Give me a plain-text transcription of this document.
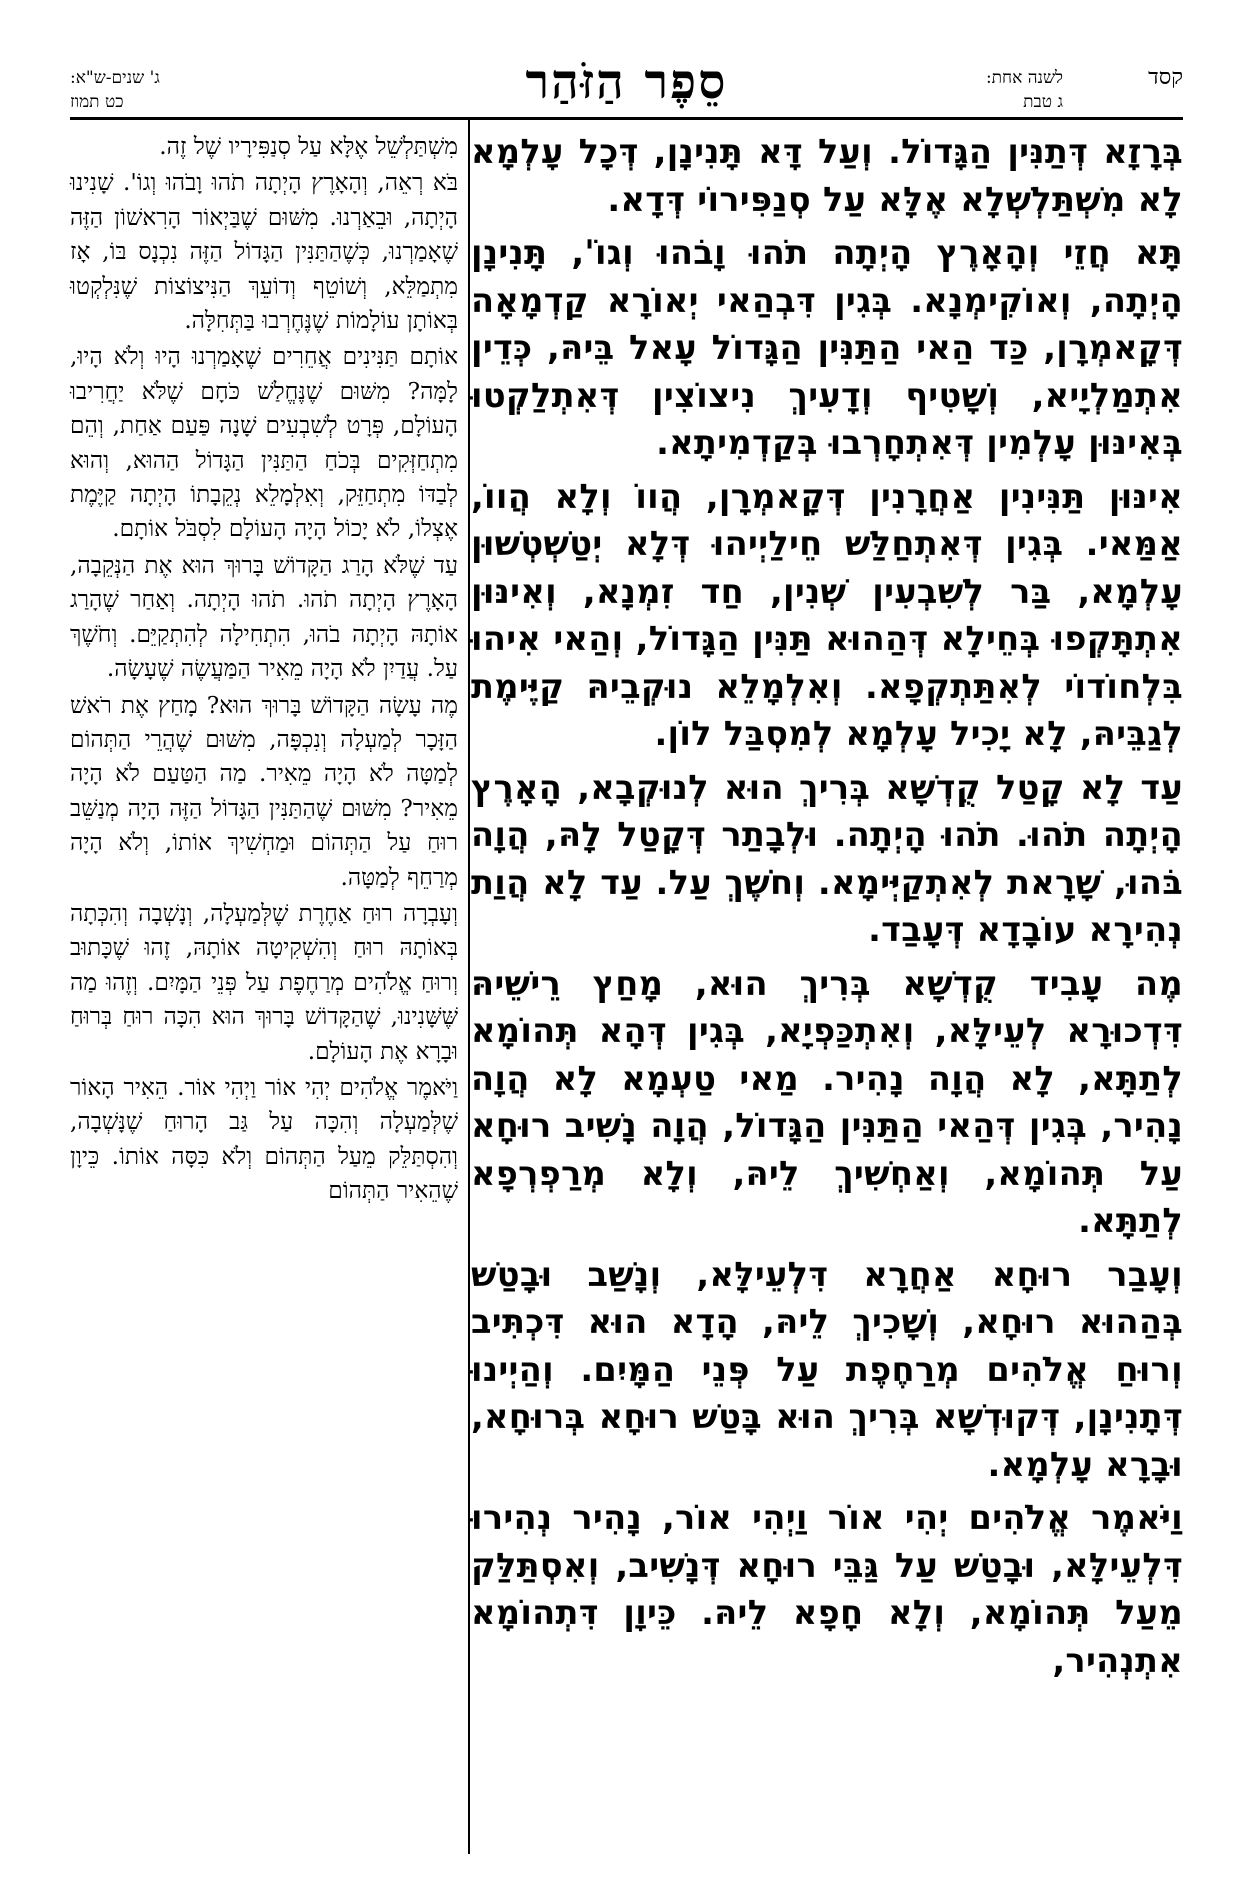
קסד
לשנה אחת:
ג טבת
סֵפֶר הַזֹּהַר
ג' שנים-ש"א:
כט תמוז

בְּרָזָא דְּתַנִּין הַגָּדוֹל. וְעַל דָּא תָּנִינָן, דְּכָל עָלְמָא לָא מִשְׁתַּלְשְׁלָא אֶלָּא עַל סְנַפִּירוֹי דְּדָא.

תָּא חֲזֵי וְהָאָרֶץ הָיְתָה תֹהוּ וָבֹהוּ וְגוֹ', תָּנִינָן הָיְתָה, וְאוֹקִימְנָא. בְּגִין דִּבְהַאי יְאוֹרָא קַדְמָאָה דְּקָאמְרָן, כַּד הַאי הַתַּנִּין הַגָּדוֹל עָאל בֵּיהּ, כְּדֵין אִתְמַלְיָיא, וְשָׁטִיף וְדָעִיךְ נִיצוֹצִין דְּאִתְלַקְטוּ בְּאִינּוּן עָלְמִין דְּאִתְחָרְבוּ בְּקַדְמִיתָא.

אִינּוּן תַּנִּינִין אַחֲרָנִין דְּקָאמְרָן, הֲווֹ וְלָא הֲווֹ, אַמַּאי. בְּגִין דְּאִתְחַלַּשׁ חֵילַיְיהוּ דְּלָא יְטַשְׁטְשׁוּן עָלְמָא, בַּר לְשִׁבְעִין שְׁנִין, חַד זִמְנָא, וְאִינּוּן אִתְתָּקְפוּ בְּחֵילָא דְּהַהוּא תַּנִּין הַגָּדוֹל, וְהַאי אִיהוּ בִּלְחוֹדוֹי לְאִתַּתְקְפָא. וְאִלְמָלֵא נוּקְבֵיהּ קַיֶּימֶת לְגַבֵּיהּ, לָא יָכִיל עָלְמָא לְמִסְבַּל לוֹן.

עַד לָא קָטַל קֻדְשָׁא בְּרִיךְ הוּא לְנוּקְבָא, הָאָרֶץ הָיְתָה תֹהוּ. תֹהוּ הָיְתָה. וּלְבָתַר דְּקָטַל לָהּ, הֲוָה בֹּהוּ, שָׁרָאת לְאִתְקַיְּימָא. וְחֹשֶׁךְ עַל. עַד לָא הֲוַת נְהִירָא עוֹבָדָא דְּעָבַד.

מֶה עָבִיד קֻדְשָׁא בְּרִיךְ הוּא, מָחַץ רֵישֵׁיהּ דִּדְכוּרָא לְעֵילָּא, וְאִתְכַּפְיָא, בְּגִין דְּהָא תְּהוֹמָא לְתַתָּא, לָא הֲוָה נָהִיר. מַאי טַעְמָא לָא הֲוָה נָהִיר, בְּגִין דְּהַאי הַתַּנִּין הַגָּדוֹל, הֲוָה נָשִׁיב רוּחָא עַל תְּהוֹמָא, וְאַחְשִׁיךְ לֵיהּ, וְלָא מְרַפְרְפָא לְתַתָּא.

וְעָבַר רוּחָא אַחֲרָא דִּלְעֵילָּא, וְנָשַׁב וּבָטַשׁ בְּהַהוּא רוּחָא, וְשָׁכִיךְ לֵיהּ, הָדָא הוּא דִּכְתִּיב וְרוּחַ אֱלֹהִים מְרַחֶפֶת עַל פְּנֵי הַמָּיִם. וְהַיְינוּ דְּתָנִינָן, דְּקוּדְשָׁא בְּרִיךְ הוּא בָּטַשׁ רוּחָא בְּרוּחָא, וּבָרָא עָלְמָא.

וַיֹּאמֶר אֱלֹהִים יְהִי אוֹר וַיְהִי אוֹר, נָהִיר נְהִירוּ דִּלְעֵילָּא, וּבָטַשׁ עַל גַּבֵּי רוּחָא דְּנָשִׁיב, וְאִסְתַּלַּק מֵעַל תְּהוֹמָא, וְלָא חָפָא לֵיהּ. כֵּיוָן דִּתְהוֹמָא אִתְנְהִיר,

מִשְׁתַּלְשֵׁל אֶלָּא עַל סְנַפִּירָיו שֶׁל זֶה.

בֹּא רְאֵה, וְהָאָרֶץ הָיְתָה תֹהוּ וָבֹהוּ וְגוֹ'. שָׁנִינוּ הָיְתָה, וּבֵאַרְנוּ. מִשּׁוּם שֶׁבַּיְאוֹר הָרִאשׁוֹן הַזֶּה שֶׁאָמַרְנוּ, כְּשֶׁהַתַּנִּין הַגָּדוֹל הַזֶּה נִכְנָס בּוֹ, אָז מִתְמַלֵּא, וְשׁוֹטֵף וְדוֹעֵךְ הַנִּיצוֹצוֹת שֶׁנִּלְקְטוּ בְּאוֹתָן עוֹלָמוֹת שֶׁנֶּחֶרְבוּ בַּתְּחִלָּה.

אוֹתָם תַּנִּינִים אֲחֵרִים שֶׁאָמַרְנוּ הָיוּ וְלֹא הָיוּ, לָמָּה? מִשּׁוּם שֶׁנֶּחֱלַשׁ כֹּחָם שֶׁלֹּא יַחֲרִיבוּ הָעוֹלָם, פְּרָט לְשִׁבְעִים שָׁנָה פַּעַם אַחַת, וְהֵם מִתְחַזְּקִים בְּכֹחַ הַתַּנִּין הַגָּדוֹל הַהוּא, וְהוּא לְבַדּוֹ מִתְחַזֵּק, וְאִלְמָלֵא נְקֵבָתוֹ הָיְתָה קַיֶּמֶת אֶצְלוֹ, לֹא יָכוֹל הָיָה הָעוֹלָם לִסְבֹּל אוֹתָם.

עַד שֶׁלֹּא הָרַג הַקָּדוֹשׁ בָּרוּךְ הוּא אֶת הַנְּקֵבָה, הָאָרֶץ הָיְתָה תֹהוּ. תֹהוּ הָיְתָה. וְאַחַר שֶׁהָרַג אוֹתָהּ הָיְתָה בֹהוּ, הִתְחִילָה לְהִתְקַיֵּם. וְחֹשֶׁךְ עַל. עֲדַיִן לֹא הָיָה מֵאִיר הַמַּעֲשֶׂה שֶׁעָשָׂה.

מֶה עָשָׂה הַקָּדוֹשׁ בָּרוּךְ הוּא? מָחַץ אֶת רֹאשׁ הַזָּכָר לְמַעְלָה וְנִכְפָּה, מִשּׁוּם שֶׁהֲרֵי הַתְּהוֹם לְמַטָּה לֹא הָיָה מֵאִיר. מַה הַטַּעַם לֹא הָיָה מֵאִיר? מִשּׁוּם שֶׁהַתַּנִּין הַגָּדוֹל הַזֶּה הָיָה מְנַשֵּׁב רוּחַ עַל הַתְּהוֹם וּמַחְשִׁיךְ אוֹתוֹ, וְלֹא הָיָה מְרַחֵף לְמַטָּה.

וְעָבְרָה רוּחַ אַחֶרֶת שֶׁלְּמַעְלָה, וְנָשְׁבָה וְהִכְּתָה בְּאוֹתָהּ רוּחַ וְהִשְׁקִיטָה אוֹתָהּ, זֶהוּ שֶׁכָּתוּב וְרוּחַ אֱלֹהִים מְרַחֶפֶת עַל פְּנֵי הַמָּיִם. וְזֶהוּ מַה שֶּׁשָּׁנִינוּ, שֶׁהַקָּדוֹשׁ בָּרוּךְ הוּא הִכָּה רוּחַ בְּרוּחַ וּבָרָא אֶת הָעוֹלָם.

וַיֹּאמֶר אֱלֹהִים יְהִי אוֹר וַיְהִי אוֹר. הֵאִיר הָאוֹר שֶׁלְּמַעְלָה וְהִכָּה עַל גַּב הָרוּחַ שֶׁנָּשְׁבָה, וְהִסְתַּלֵּק מֵעַל הַתְּהוֹם וְלֹא כִּסָּה אוֹתוֹ. כֵּיוָן שֶׁהֵאִיר הַתְּהוֹם
